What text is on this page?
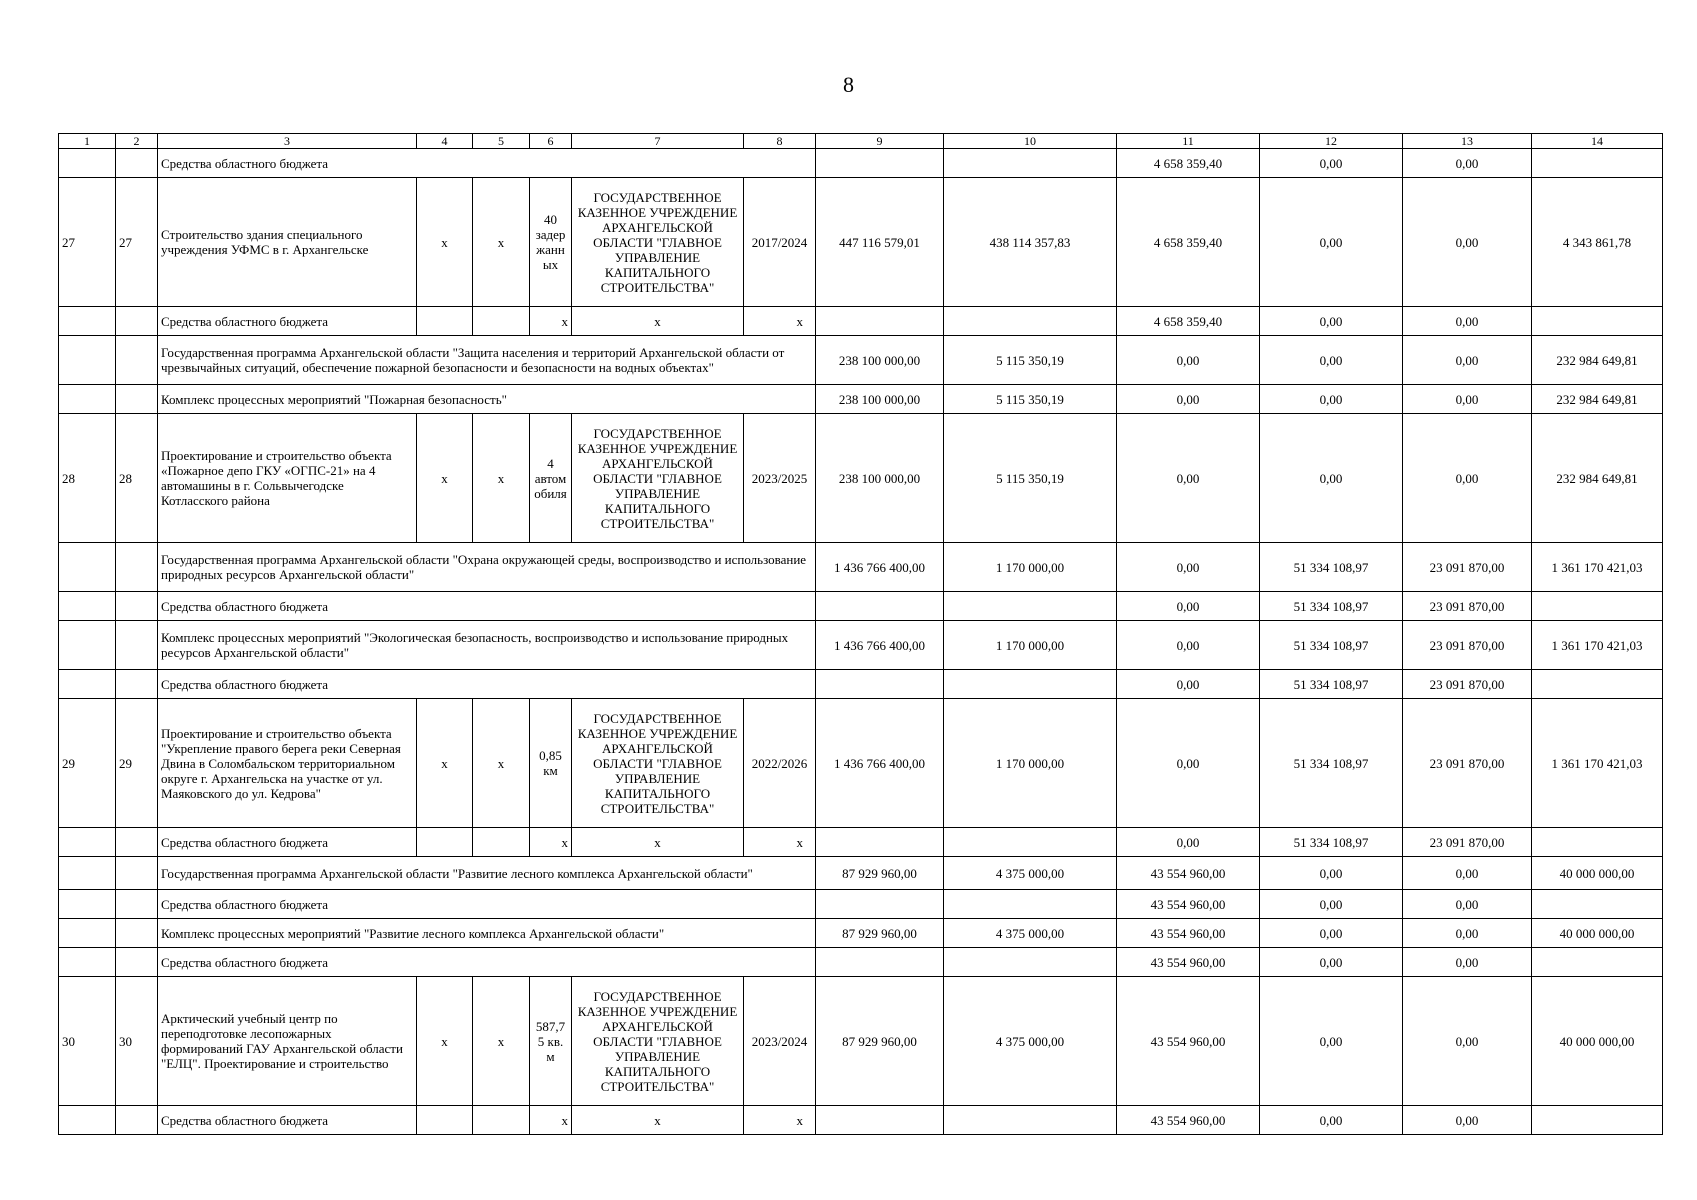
8
1	2	3	4	5	6	7	8	9	10	11	12	13	14
		Средства областного бюджета								4 658 359,40	0,00	0,00	
27	27	Строительство здания специального учреждения УФМС в г. Архангельске	x	x	40 задер жанн ых	ГОСУДАРСТВЕННОЕ КАЗЕННОЕ УЧРЕЖДЕНИЕ АРХАНГЕЛЬСКОЙ ОБЛАСТИ "ГЛАВНОЕ УПРАВЛЕНИЕ КАПИТАЛЬНОГО СТРОИТЕЛЬСТВА"	2017/2024	447 116 579,01	438 114 357,83	4 658 359,40	0,00	0,00	4 343 861,78
		Средства областного бюджета			x	x	x			4 658 359,40	0,00	0,00	
		Государственная программа Архангельской области "Защита населения и территорий Архангельской области от чрезвычайных ситуаций, обеспечение пожарной безопасности и безопасности на водных объектах"						238 100 000,00	5 115 350,19	0,00	0,00	0,00	232 984 649,81
		Комплекс процессных мероприятий "Пожарная безопасность"						238 100 000,00	5 115 350,19	0,00	0,00	0,00	232 984 649,81
28	28	Проектирование и строительство объекта «Пожарное депо ГКУ «ОГПС-21» на 4 автомашины в г. Сольвычегодске Котласского района	x	x	4 автом обиля	ГОСУДАРСТВЕННОЕ КАЗЕННОЕ УЧРЕЖДЕНИЕ АРХАНГЕЛЬСКОЙ ОБЛАСТИ "ГЛАВНОЕ УПРАВЛЕНИЕ КАПИТАЛЬНОГО СТРОИТЕЛЬСТВА"	2023/2025	238 100 000,00	5 115 350,19	0,00	0,00	0,00	232 984 649,81
		Государственная программа Архангельской области "Охрана окружающей среды, воспроизводство и использование природных ресурсов Архангельской области"						1 436 766 400,00	1 170 000,00	0,00	51 334 108,97	23 091 870,00	1 361 170 421,03
		Средства областного бюджета								0,00	51 334 108,97	23 091 870,00	
		Комплекс процессных мероприятий "Экологическая безопасность, воспроизводство и использование природных ресурсов Архангельской области"						1 436 766 400,00	1 170 000,00	0,00	51 334 108,97	23 091 870,00	1 361 170 421,03
		Средства областного бюджета								0,00	51 334 108,97	23 091 870,00	
29	29	Проектирование и строительство объекта "Укрепление правого берега реки Северная Двина в Соломбальском территориальном округе г. Архангельска на участке от ул. Маяковского до ул. Кедрова"	x	x	0,85 км	ГОСУДАРСТВЕННОЕ КАЗЕННОЕ УЧРЕЖДЕНИЕ АРХАНГЕЛЬСКОЙ ОБЛАСТИ "ГЛАВНОЕ УПРАВЛЕНИЕ КАПИТАЛЬНОГО СТРОИТЕЛЬСТВА"	2022/2026	1 436 766 400,00	1 170 000,00	0,00	51 334 108,97	23 091 870,00	1 361 170 421,03
		Средства областного бюджета			x	x	x			0,00	51 334 108,97	23 091 870,00	
		Государственная программа Архангельской области "Развитие лесного комплекса Архангельской области"						87 929 960,00	4 375 000,00	43 554 960,00	0,00	0,00	40 000 000,00
		Средства областного бюджета								43 554 960,00	0,00	0,00	
		Комплекс процессных мероприятий "Развитие лесного комплекса Архангельской области"						87 929 960,00	4 375 000,00	43 554 960,00	0,00	0,00	40 000 000,00
		Средства областного бюджета								43 554 960,00	0,00	0,00	
30	30	Арктический учебный центр по переподготовке лесопожарных формирований ГАУ Архангельской области "ЕЛЦ". Проектирование и строительство	x	x	587,7 5 кв. м	ГОСУДАРСТВЕННОЕ КАЗЕННОЕ УЧРЕЖДЕНИЕ АРХАНГЕЛЬСКОЙ ОБЛАСТИ "ГЛАВНОЕ УПРАВЛЕНИЕ КАПИТАЛЬНОГО СТРОИТЕЛЬСТВА"	2023/2024	87 929 960,00	4 375 000,00	43 554 960,00	0,00	0,00	40 000 000,00
		Средства областного бюджета			x	x	x			43 554 960,00	0,00	0,00	
